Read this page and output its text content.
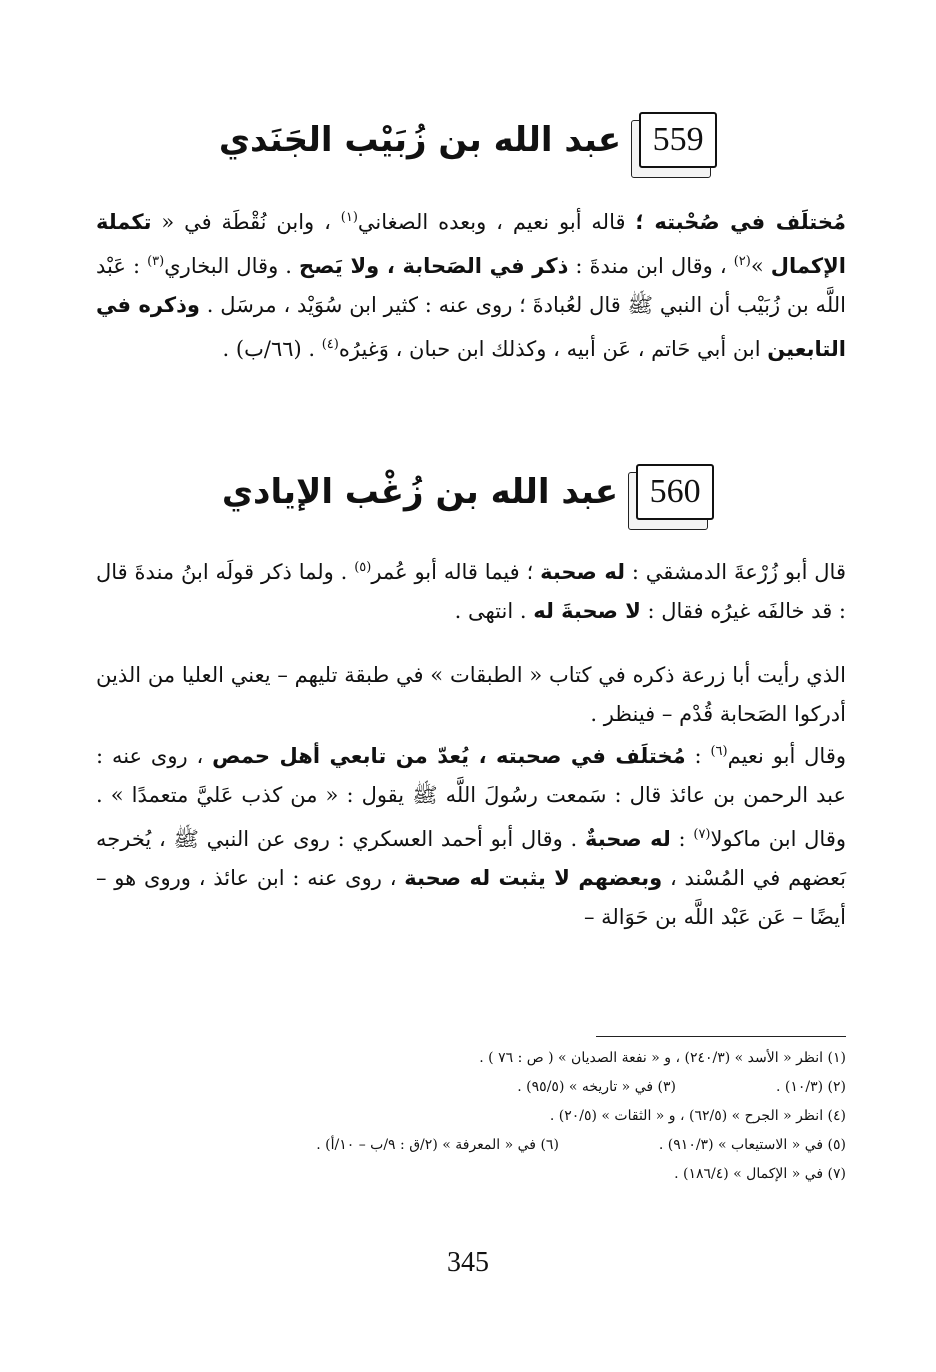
559
عبد الله بن زُبَيْب الجَنَدي
مُختلَف في صُحْبته ؛ قاله أبو نعيم ، وبعده الصغاني$^{(١)}$ ، وابن نُقْطَة في « تكملة الإكمال »$^{(٢)}$ ، وقال ابن مندةَ : ذكر في الصَحابة ، ولا يَصح . وقال البخاري$^{(٣)}$ : عَبْد اللَّه بن زُبَيْب أن النبي ﷺ قال لعُبادةَ ؛ روى عنه : كثير ابن سُوَيْد ، مرسَل . وذكره في التابعين ابن أبي حَاتم ، عَن أبيه ، وكذلك ابن حبان ، وَغيرُه$^{(٤)}$ . (٦٦/ب) .
560
عبد الله بن زُغْب الإيادي
قال أبو زُرْعةَ الدمشقي : له صحبة ؛ فيما قاله أبو عُمر$^{(٥)}$ . ولما ذكر قولَه ابنُ مندةَ قال : قد خالفَه غيرُه فقال : لا صحبةَ له . انتهى .
الذي رأيت أبا زرعة ذكره في كتاب « الطبقات » في طبقة تليهم – يعني العليا من الذين أدركوا الصَحابة قُدْم – فينظر .
وقال أبو نعيم$^{(٦)}$ : مُختلَف في صحبته ، يُعدّ من تابعي أهل حمص ، روى عنه : عبد الرحمن بن عائذ قال : سَمعت رسُولَ اللَّه ﷺ يقول : « من كذب عَليَّ متعمدًا » . وقال ابن ماكولا$^{(٧)}$ : له صحبةٌ . وقال أبو أحمد العسكري : روى عن النبي ﷺ ، يُخرجه بَعضهم في المُسْند ، وبعضهم لا يثبت له صحبة ، روى عنه : ابن عائذ ، وروى هو – أيضًا – عَن عَبْد اللَّه بن حَوَالة –
(١) انظر « الأسد » (٢٤٠/٣) ، و « نفعة الصديان » ( ص : ٧٦ ) .
(٢) (١٠/٣) .
(٣) في « تاريخه » (٩٥/٥) .
(٤) انظر « الجرح » (٦٢/٥) ، و « الثقات » (٢٠/٥) .
(٥) في « الاستيعاب » (٩١٠/٣) .
(٦) في « المعرفة » (٢/ق : ٩/ب – ١٠/أ) .
(٧) في « الإكمال » (١٨٦/٤) .
345
